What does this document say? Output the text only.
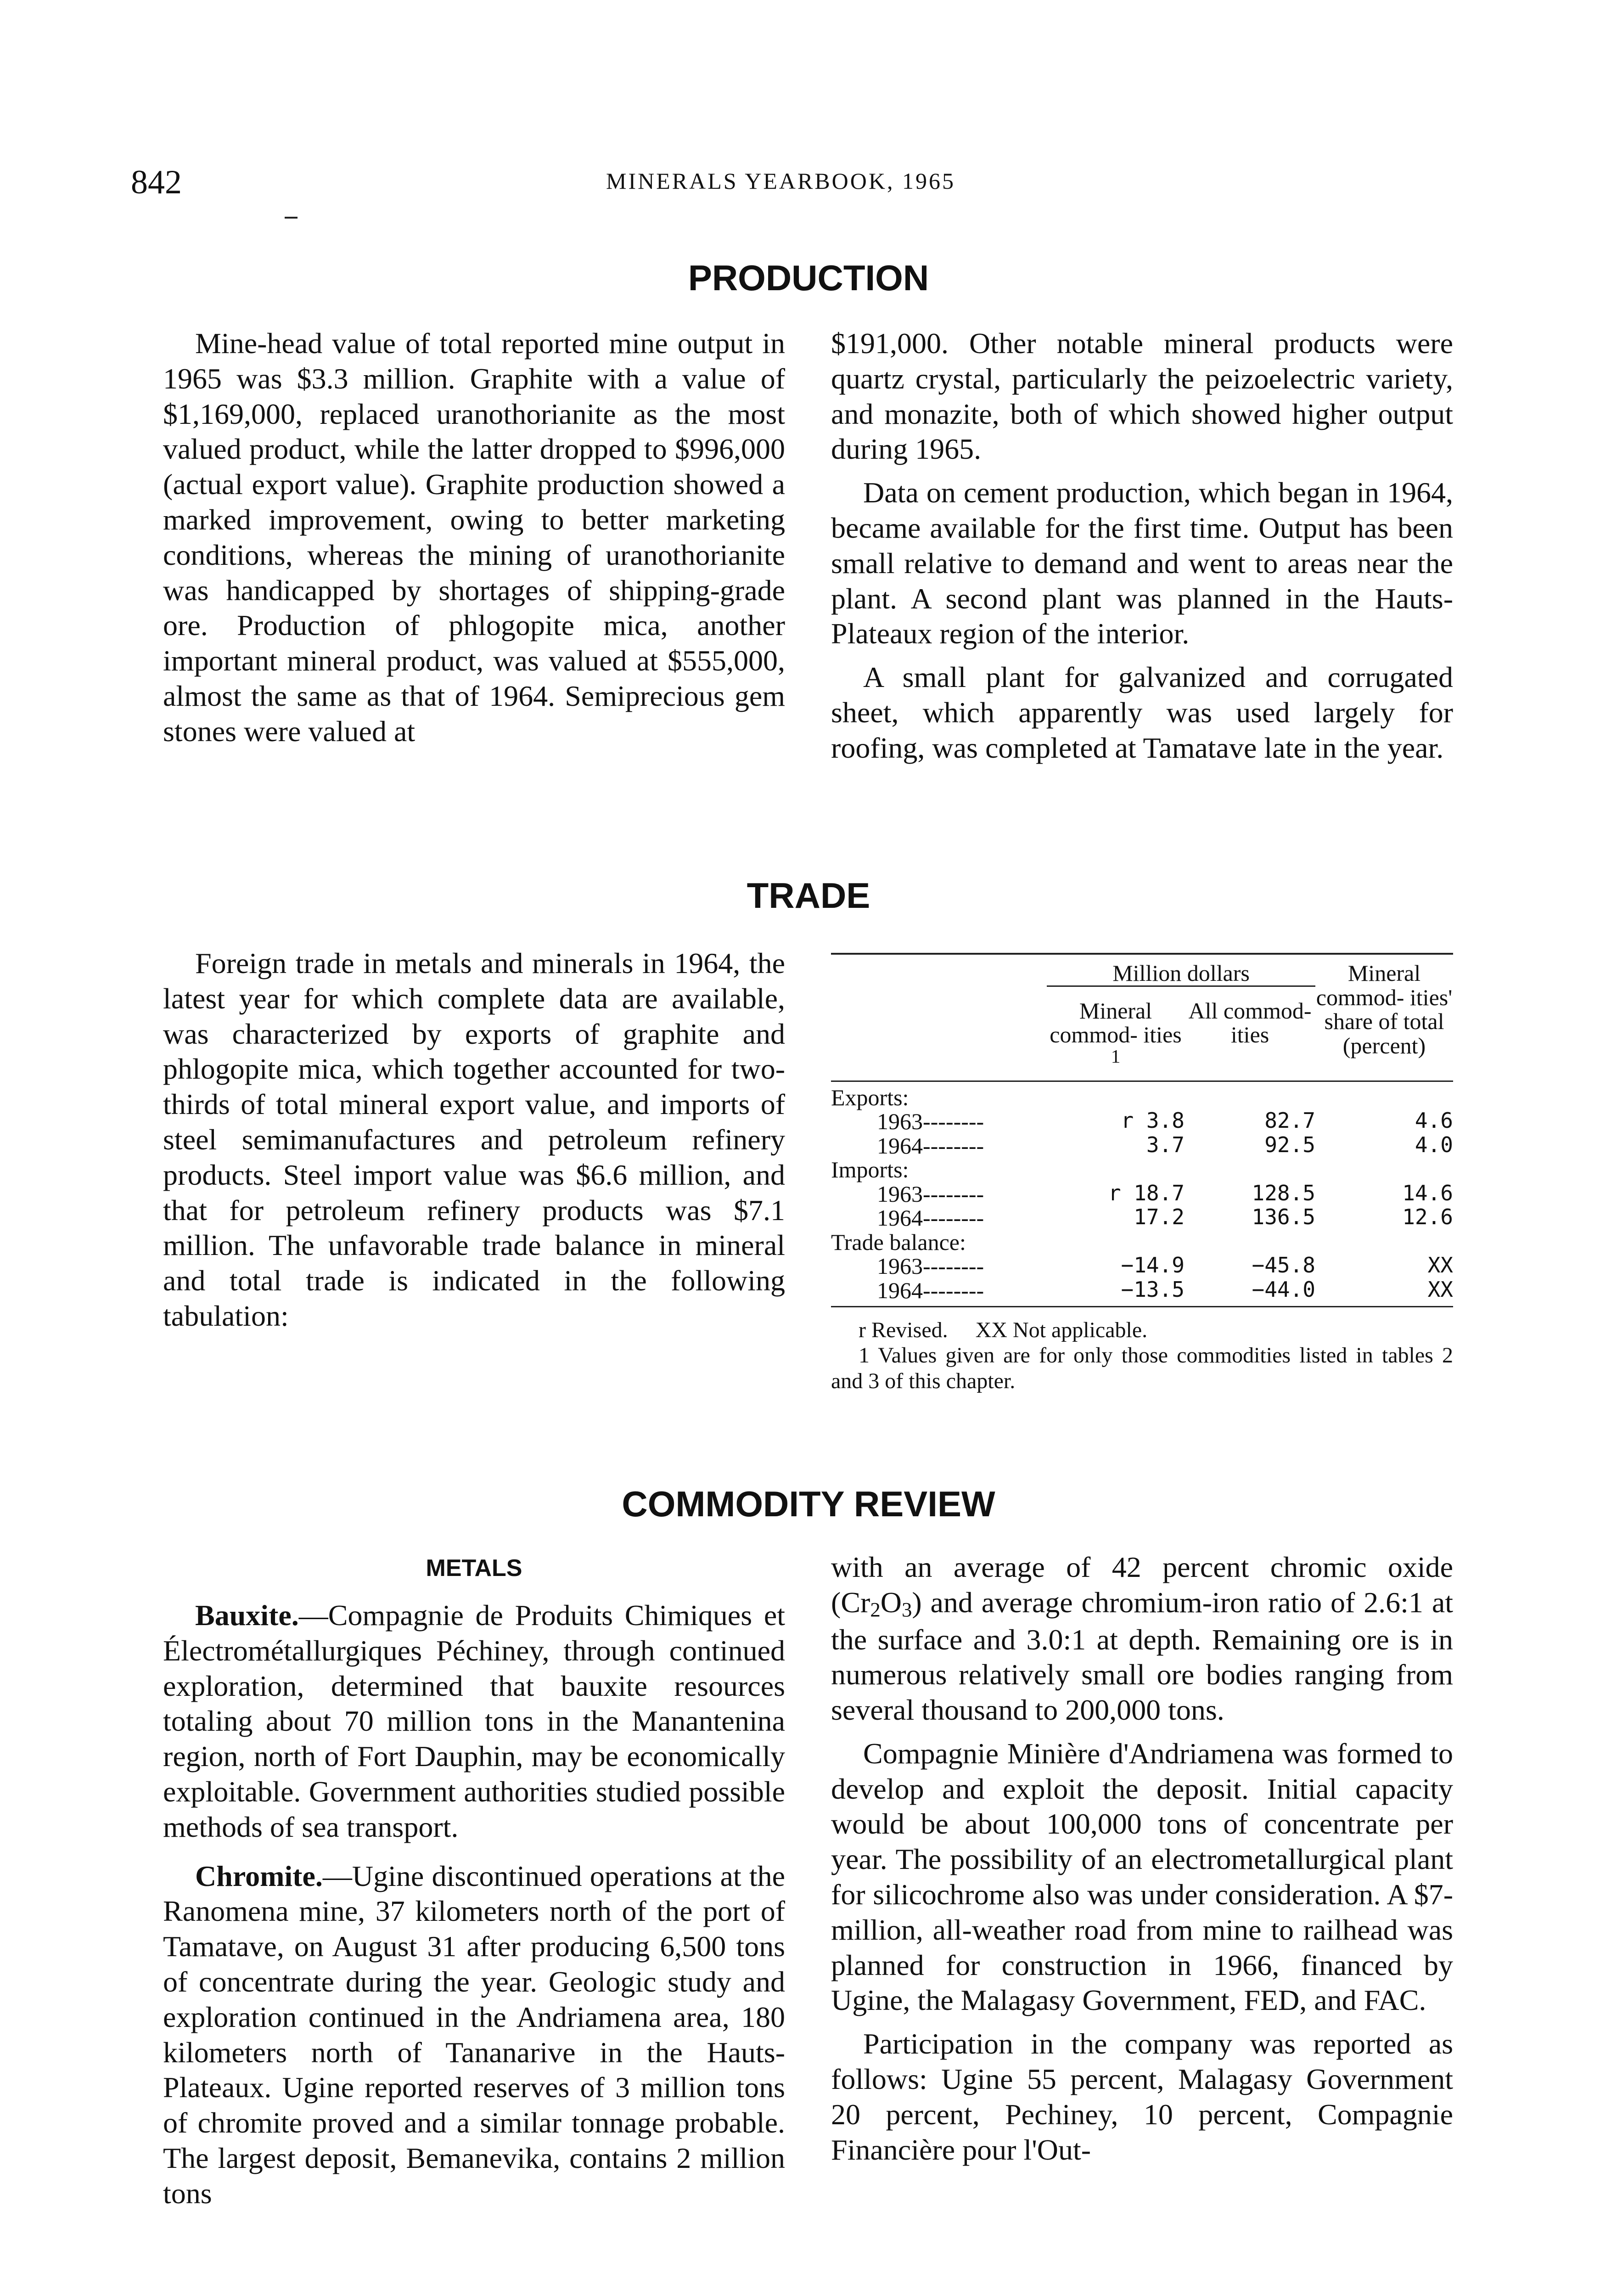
842	MINERALS YEARBOOK, 1965
PRODUCTION

Mine-head value of total reported mine output in 1965 was $3.3 million. Graphite with a value of $1,169,000, replaced uranothorianite as the most valued product, while the latter dropped to $996,000 (actual export value). Graphite production showed a marked improvement, owing to better marketing conditions, whereas the mining of uranothorianite was handicapped by shortages of shipping-grade ore. Production of phlogopite mica, another important mineral product, was valued at $555,000, almost the same as that of 1964. Semiprecious gem stones were valued at

$191,000. Other notable mineral products were quartz crystal, particularly the peizoelectric variety, and monazite, both of which showed higher output during 1965.

Data on cement production, which began in 1964, became available for the first time. Output has been small relative to demand and went to areas near the plant. A second plant was planned in the Hauts-Plateaux region of the interior.

A small plant for galvanized and corrugated sheet, which apparently was used largely for roofing, was completed at Tamatave late in the year.

TRADE

Foreign trade in metals and minerals in 1964, the latest year for which complete data are available, was characterized by exports of graphite and phlogopite mica, which together accounted for two-thirds of total mineral export value, and imports of steel semimanufactures and petroleum refinery products. Steel import value was $6.6 million, and that for petroleum refinery products was $7.1 million. The unfavorable trade balance in mineral and total trade is indicated in the following tabulation:

	Million dollars		Mineral commod- ities' share of total (percent)
	Mineral commod- ities $^1$	All commod- ities	
Exports:			
1963--------	r 3.8	82.7	4.6
1964--------	3.7	92.5	4.0
Imports:			
1963--------	r 18.7	128.5	14.6
1964--------	17.2	136.5	12.6
Trade balance:			
1963--------	−14.9	−45.8	XX
1964--------	−13.5	−44.0	XX
r Revised. XX Not applicable.
1 Values given are for only those commodities listed in tables 2 and 3 of this chapter.
COMMODITY REVIEW
METALS

Bauxite.—Compagnie de Produits Chimiques et Électrométallurgiques Péchiney, through continued exploration, determined that bauxite resources totaling about 70 million tons in the Manantenina region, north of Fort Dauphin, may be economically exploitable. Government authorities studied possible methods of sea transport.

Chromite.—Ugine discontinued operations at the Ranomena mine, 37 kilometers north of the port of Tamatave, on August 31 after producing 6,500 tons of concentrate during the year. Geologic study and exploration continued in the Andriamena area, 180 kilometers north of Tananarive in the Hauts-Plateaux. Ugine reported reserves of 3 million tons of chromite proved and a similar tonnage probable. The largest deposit, Bemanevika, contains 2 million tons

with an average of 42 percent chromic oxide $(Cr_2O_3)$ and average chromium-iron ratio of 2.6:1 at the surface and 3.0:1 at depth. Remaining ore is in numerous relatively small ore bodies ranging from several thousand to 200,000 tons.

Compagnie Minière d'Andriamena was formed to develop and exploit the deposit. Initial capacity would be about 100,000 tons of concentrate per year. The possibility of an electrometallurgical plant for silicochrome also was under consideration. A $7-million, all-weather road from mine to railhead was planned for construction in 1966, financed by Ugine, the Malagasy Government, FED, and FAC.

Participation in the company was reported as follows: Ugine 55 percent, Malagasy Government 20 percent, Pechiney, 10 percent, Compagnie Financière pour l'Out-
